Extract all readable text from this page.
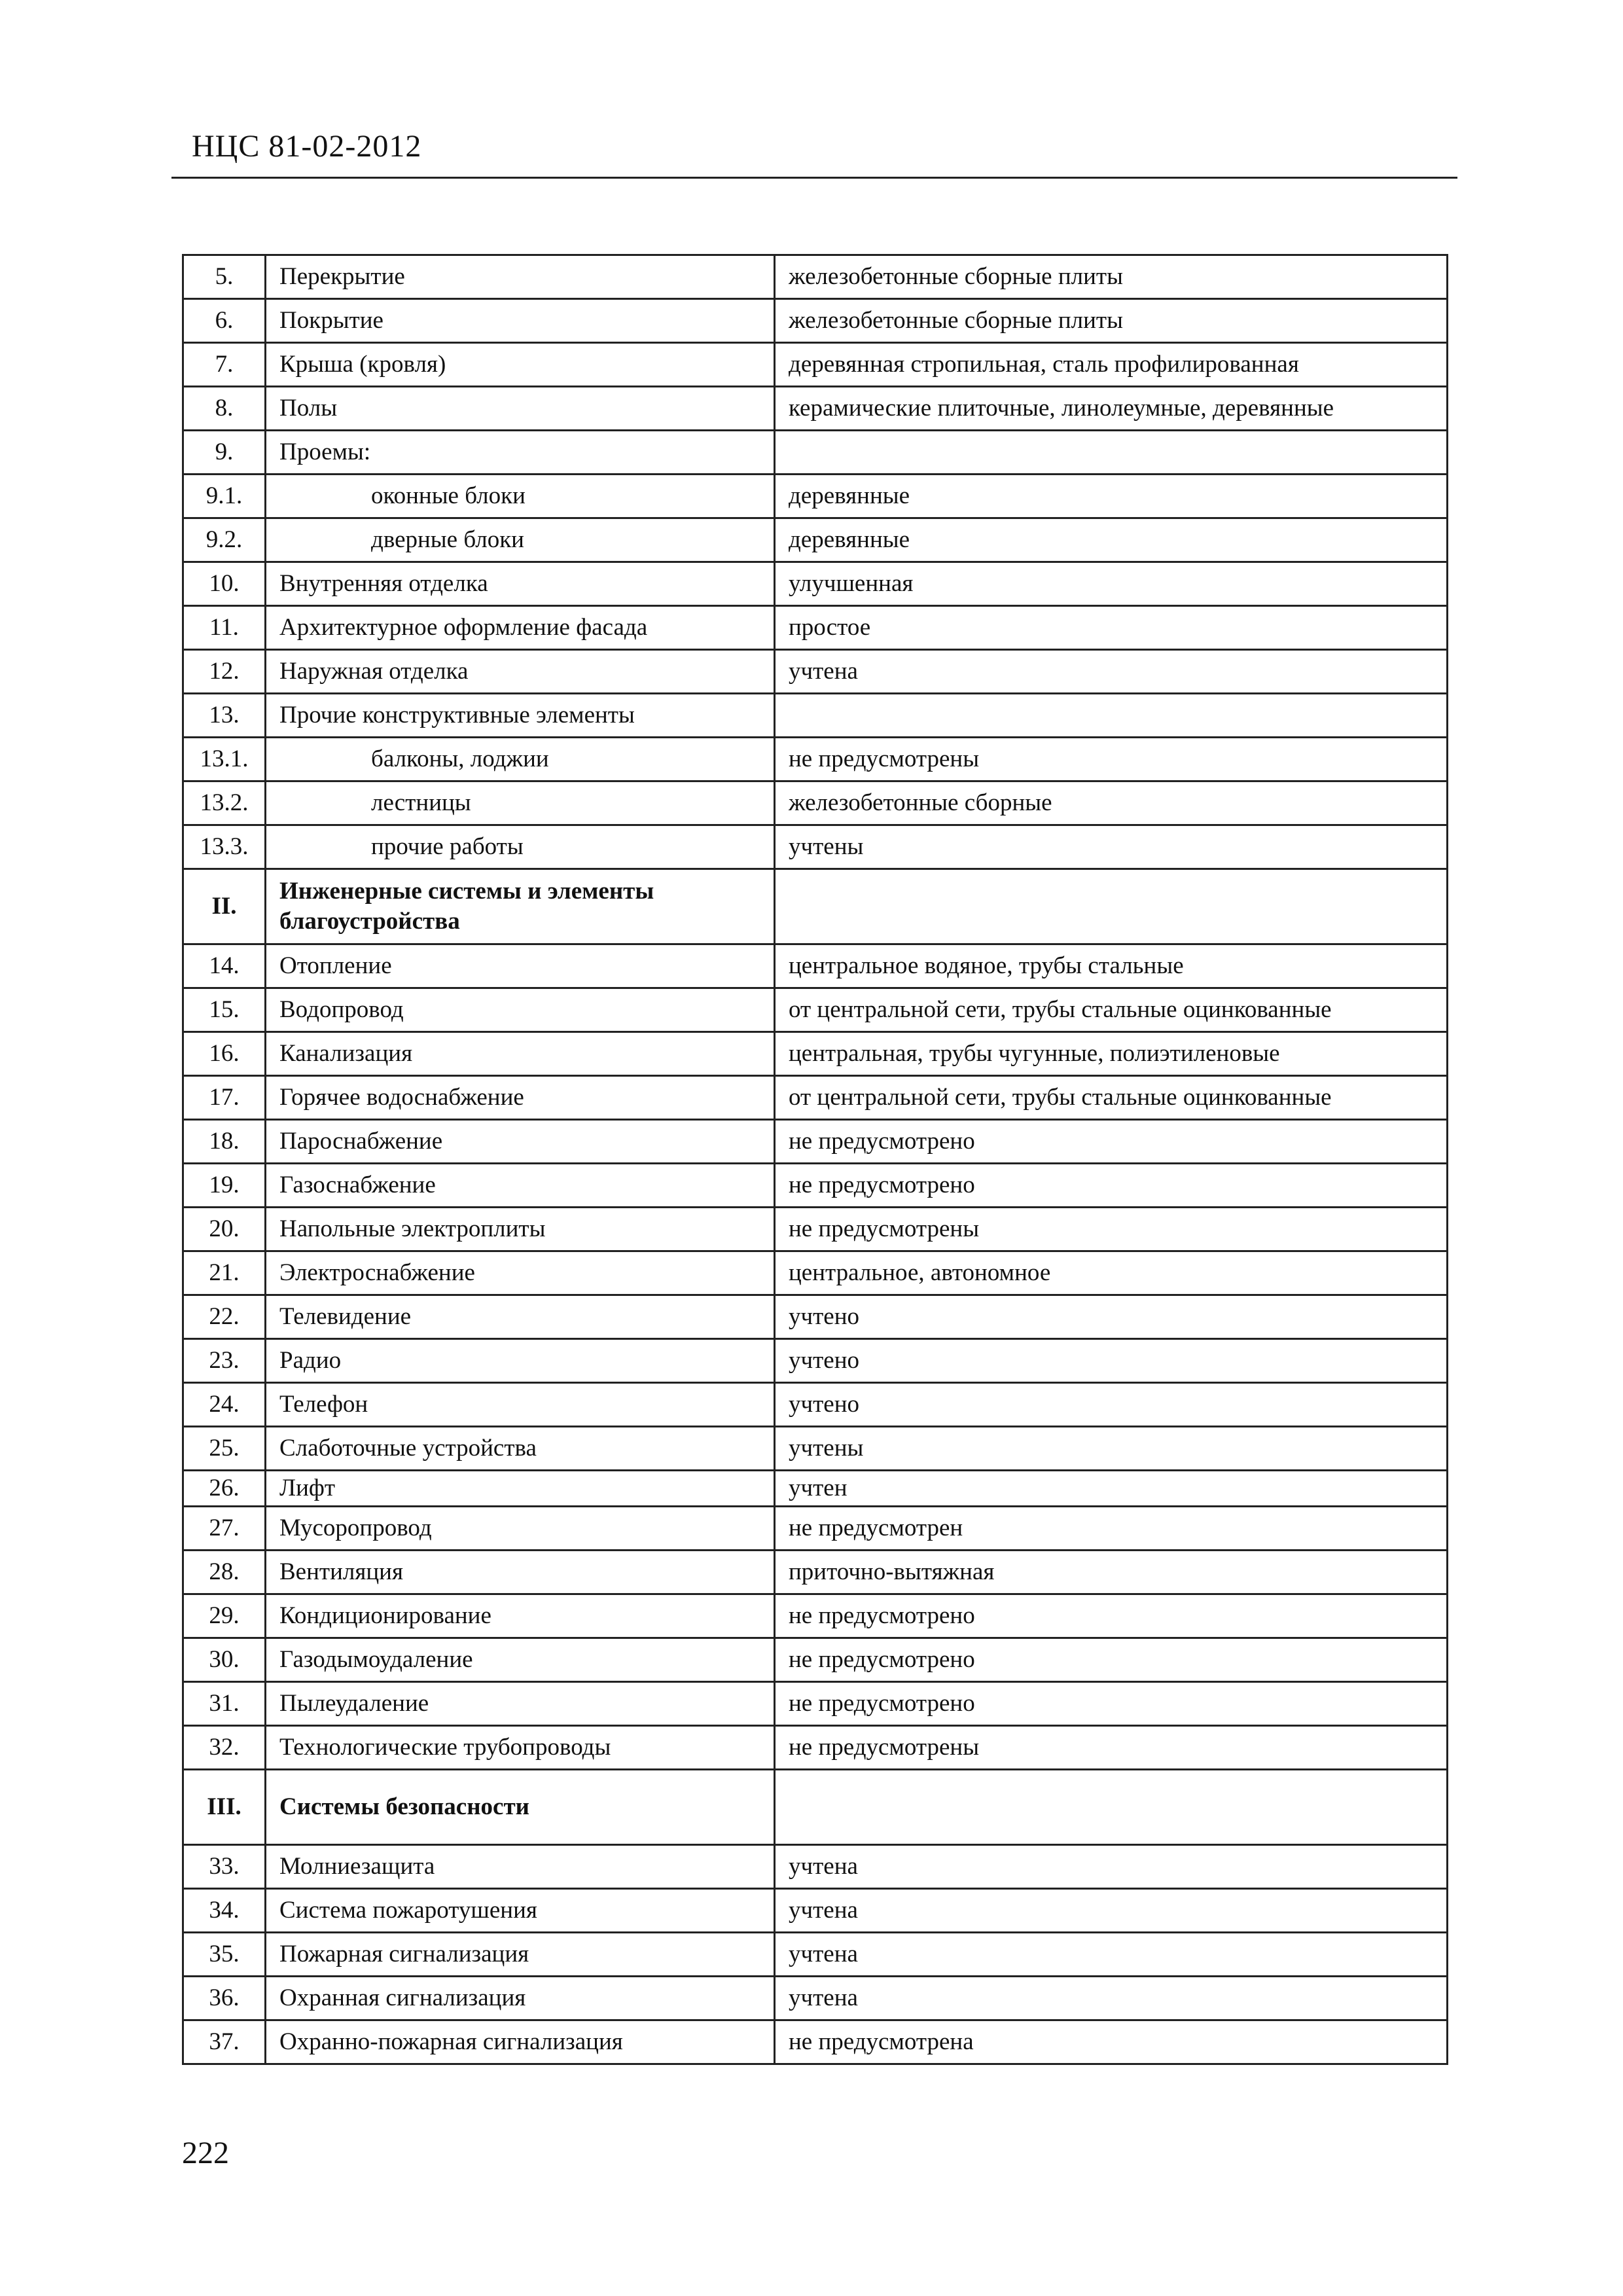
НЦС 81-02-2012
5.	Перекрытие	железобетонные сборные плиты
6.	Покрытие	железобетонные сборные плиты
7.	Крыша (кровля)	деревянная стропильная, сталь профилированная
8.	Полы	керамические плиточные, линолеумные, деревянные
9.	Проемы:	
9.1.	оконные блоки	деревянные
9.2.	дверные блоки	деревянные
10.	Внутренняя отделка	улучшенная
11.	Архитектурное оформление фасада	простое
12.	Наружная отделка	учтена
13.	Прочие конструктивные элементы	
13.1.	балконы, лоджии	не предусмотрены
13.2.	лестницы	железобетонные сборные
13.3.	прочие работы	учтены
II.	Инженерные системы и элементы благоустройства	
14.	Отопление	центральное водяное, трубы стальные
15.	Водопровод	от центральной сети, трубы стальные оцинкованные
16.	Канализация	центральная, трубы чугунные, полиэтиленовые
17.	Горячее водоснабжение	от центральной сети, трубы стальные оцинкованные
18.	Пароснабжение	не предусмотрено
19.	Газоснабжение	не предусмотрено
20.	Напольные электроплиты	не предусмотрены
21.	Электроснабжение	центральное, автономное
22.	Телевидение	учтено
23.	Радио	учтено
24.	Телефон	учтено
25.	Слаботочные устройства	учтены
26.	Лифт	учтен
27.	Мусоропровод	не предусмотрен
28.	Вентиляция	приточно-вытяжная
29.	Кондиционирование	не предусмотрено
30.	Газодымоудаление	не предусмотрено
31.	Пылеудаление	не предусмотрено
32.	Технологические трубопроводы	не предусмотрены
III.	Системы безопасности	
33.	Молниезащита	учтена
34.	Система пожаротушения	учтена
35.	Пожарная сигнализация	учтена
36.	Охранная сигнализация	учтена
37.	Охранно-пожарная сигнализация	не предусмотрена
222
